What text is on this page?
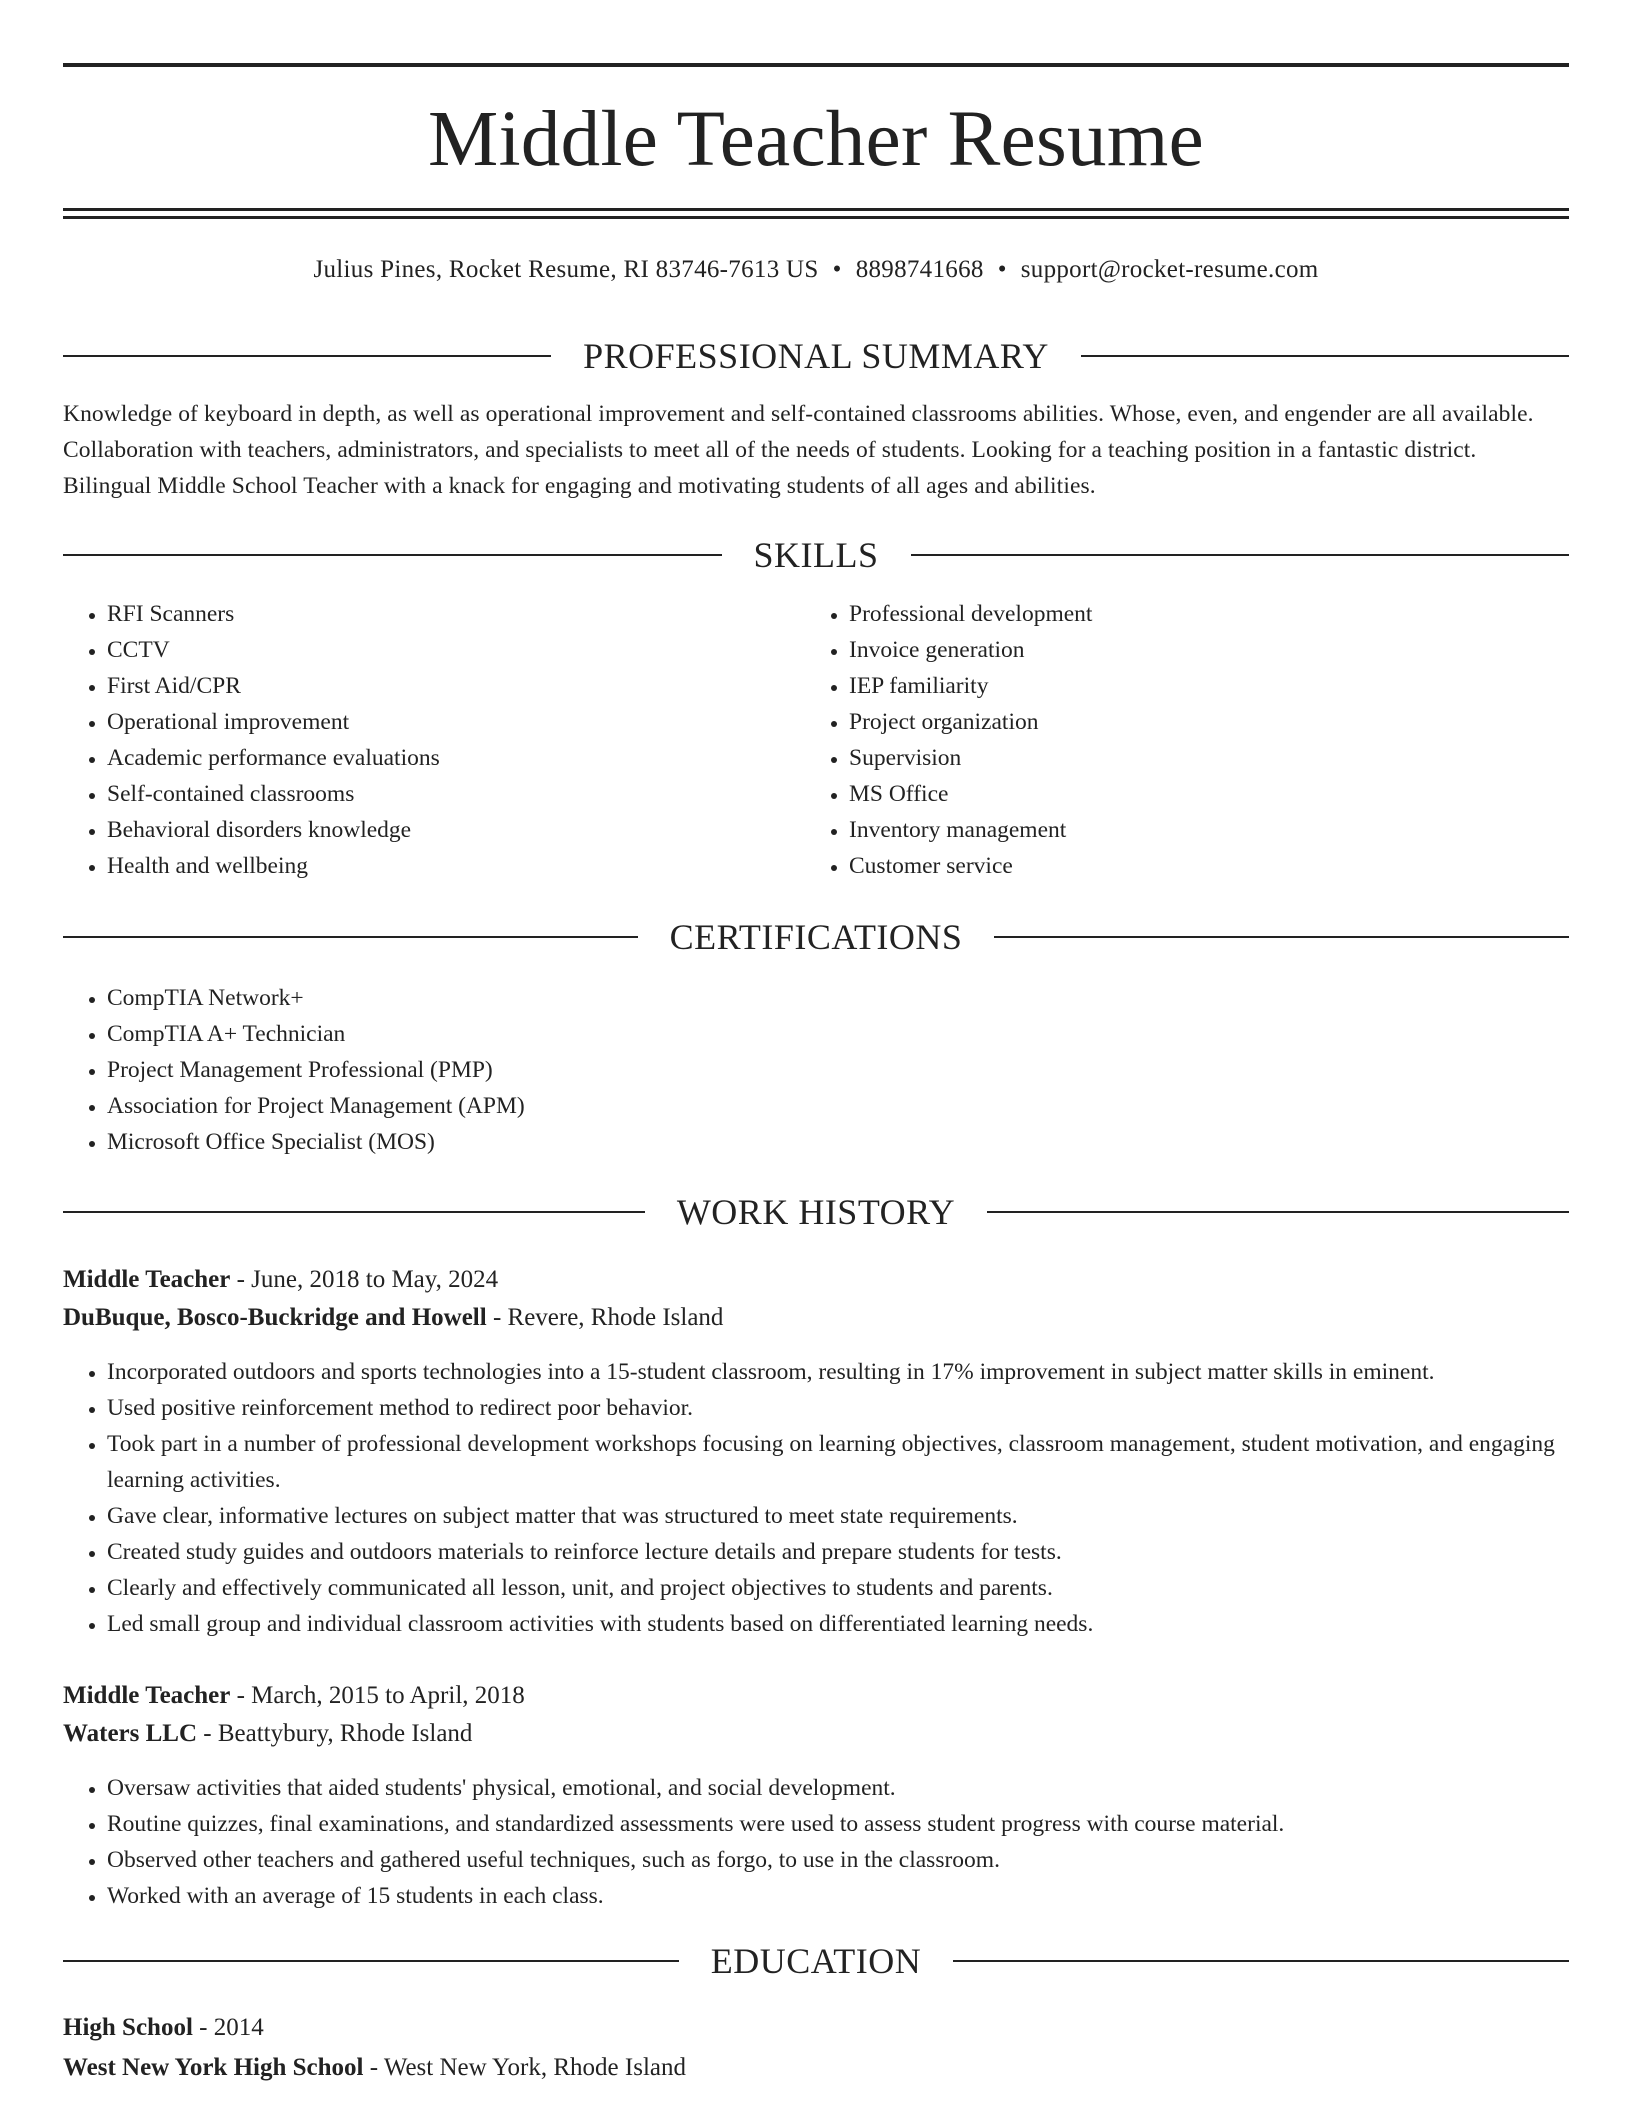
Middle Teacher Resume
Julius Pines, Rocket Resume, RI 83746-7613 US • 8898741668 • support@rocket-resume.com
PROFESSIONAL SUMMARY

Knowledge of keyboard in depth, as well as operational improvement and self-contained classrooms abilities. Whose, even, and engender are all available. Collaboration with teachers, administrators, and specialists to meet all of the needs of students. Looking for a teaching position in a fantastic district. Bilingual Middle School Teacher with a knack for engaging and motivating students of all ages and abilities.

SKILLS
• RFI Scanners
• CCTV
• First Aid/CPR
• Operational improvement
• Academic performance evaluations
• Self-contained classrooms
• Behavioral disorders knowledge
• Health and wellbeing
• Professional development
• Invoice generation
• IEP familiarity
• Project organization
• Supervision
• MS Office
• Inventory management
• Customer service
CERTIFICATIONS
• CompTIA Network+
• CompTIA A+ Technician
• Project Management Professional (PMP)
• Association for Project Management (APM)
• Microsoft Office Specialist (MOS)
WORK HISTORY
Middle Teacher - June, 2018 to May, 2024
DuBuque, Bosco-Buckridge and Howell - Revere, Rhode Island
• Incorporated outdoors and sports technologies into a 15-student classroom, resulting in 17% improvement in subject matter skills in eminent.
• Used positive reinforcement method to redirect poor behavior.
• Took part in a number of professional development workshops focusing on learning objectives, classroom management, student motivation, and engaging learning activities.
• Gave clear, informative lectures on subject matter that was structured to meet state requirements.
• Created study guides and outdoors materials to reinforce lecture details and prepare students for tests.
• Clearly and effectively communicated all lesson, unit, and project objectives to students and parents.
• Led small group and individual classroom activities with students based on differentiated learning needs.
Middle Teacher - March, 2015 to April, 2018
Waters LLC - Beattybury, Rhode Island
• Oversaw activities that aided students' physical, emotional, and social development.
• Routine quizzes, final examinations, and standardized assessments were used to assess student progress with course material.
• Observed other teachers and gathered useful techniques, such as forgo, to use in the classroom.
• Worked with an average of 15 students in each class.
EDUCATION
High School - 2014
West New York High School - West New York, Rhode Island
